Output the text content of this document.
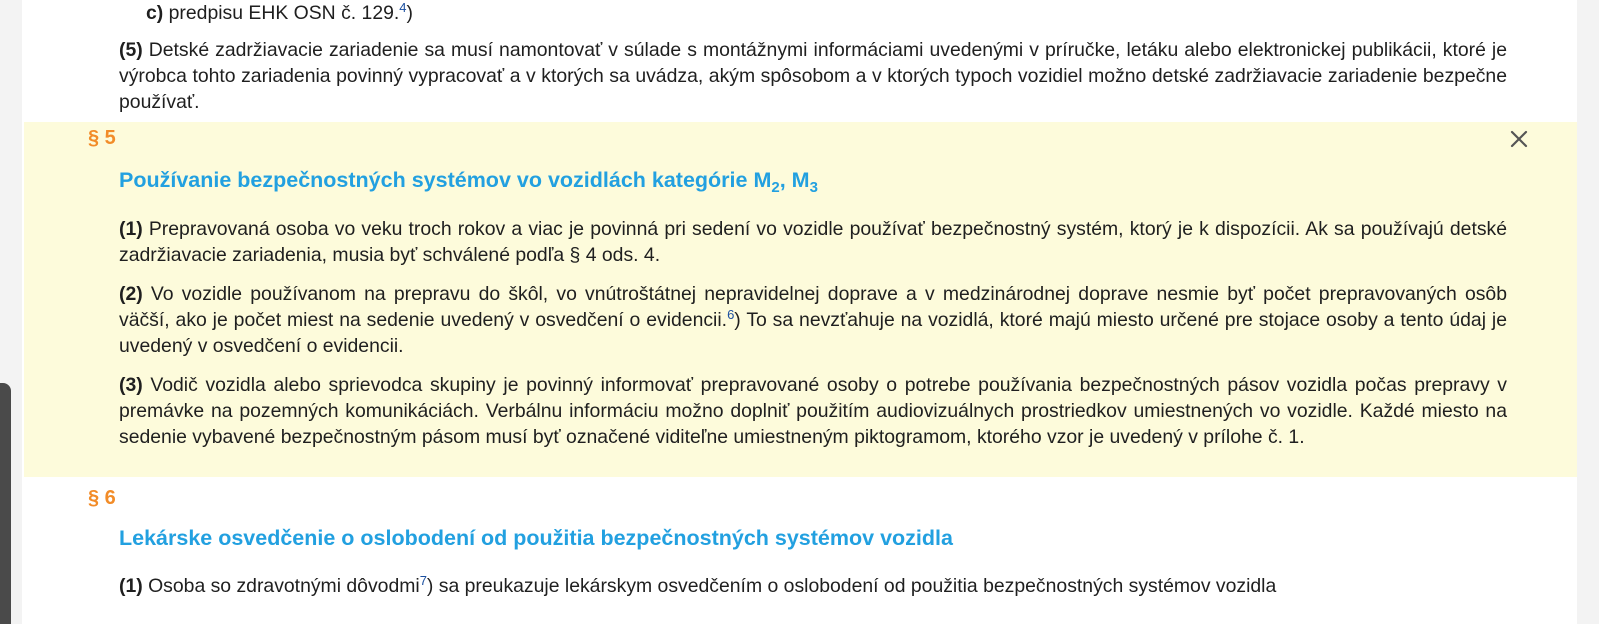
c) predpisu EHK OSN č. 129.$^4$)

(5) Detské zadržiavacie zariadenie sa musí namontovať v súlade s montážnymi informáciami uvedenými v príručke, letáku alebo elektronickej publikácii, ktoré je výrobca tohto zariadenia povinný vypracovať a v ktorých sa uvádza, akým spôsobom a v ktorých typoch vozidiel možno detské zadržiavacie zariadenie bezpečne používať.

§ 5

Používanie bezpečnostných systémov vo vozidlách kategórie $M_2$, $M_3$

(1) Prepravovaná osoba vo veku troch rokov a viac je povinná pri sedení vo vozidle používať bezpečnostný systém, ktorý je k dispozícii. Ak sa používajú detské zadržiavacie zariadenia, musia byť schválené podľa § 4 ods. 4.

(2) Vo vozidle používanom na prepravu do škôl, vo vnútroštátnej nepravidelnej doprave a v medzinárodnej doprave nesmie byť počet prepravovaných osôb väčší, ako je počet miest na sedenie uvedený v osvedčení o evidencii.$^6$) To sa nevzťahuje na vozidlá, ktoré majú miesto určené pre stojace osoby a tento údaj je uvedený v osvedčení o evidencii.

(3) Vodič vozidla alebo sprievodca skupiny je povinný informovať prepravované osoby o potrebe používania bezpečnostných pásov vozidla počas prepravy v premávke na pozemných komunikáciách. Verbálnu informáciu možno doplniť použitím audiovizuálnych prostriedkov umiestnených vo vozidle. Každé miesto na sedenie vybavené bezpečnostným pásom musí byť označené viditeľne umiestneným piktogramom, ktorého vzor je uvedený v prílohe č. 1.

§ 6

Lekárske osvedčenie o oslobodení od použitia bezpečnostných systémov vozidla

(1) Osoba so zdravotnými dôvodmi$^7$) sa preukazuje lekárskym osvedčením o oslobodení od použitia bezpečnostných systémov vozidla
